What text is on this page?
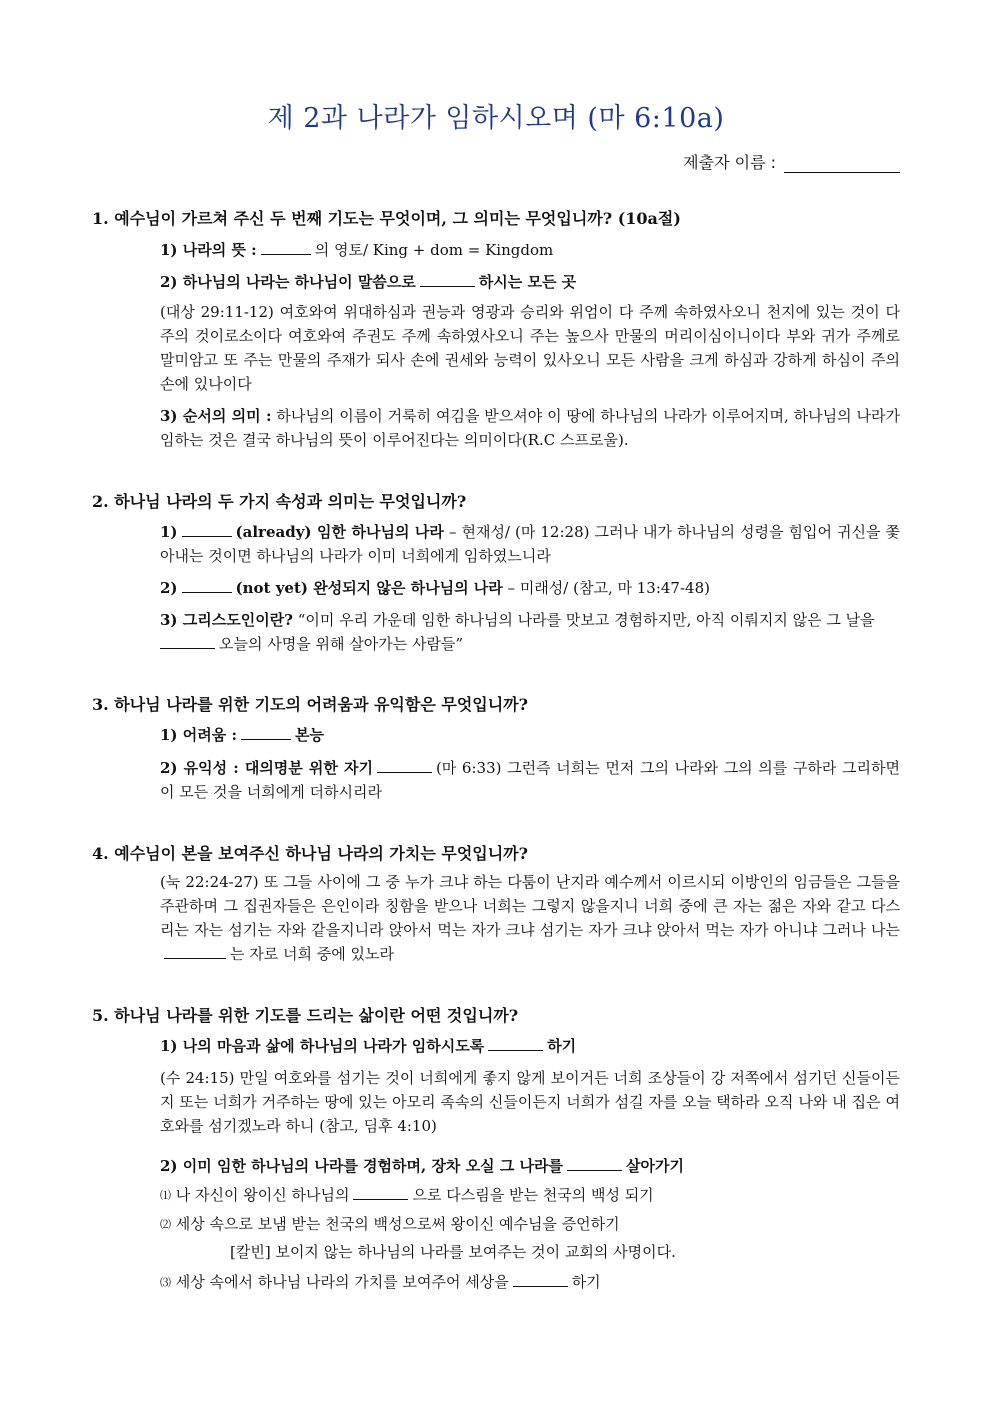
제 2과 나라가 임하시오며 (마 6:10a)
제출자 이름 :
1. 예수님이 가르쳐 주신 두 번째 기도는 무엇이며, 그 의미는 무엇입니까? (10a절)
1) 나라의 뜻 :	의 영토/ King + dom = Kingdom
2) 하나님의 나라는 하나님이 말씀으로	하시는 모든 곳
(대상 29:11-12) 여호와여 위대하심과 권능과 영광과 승리와 위엄이 다 주께 속하였사오니 천지에 있는 것이 다 주의 것이로소이다 여호와여 주권도 주께 속하였사오니 주는 높으사 만물의 머리이심이니이다 부와 귀가 주께로 말미암고 또 주는 만물의 주재가 되사 손에 권세와 능력이 있사오니 모든 사람을 크게 하심과 강하게 하심이 주의 손에 있나이다
3) 순서의 의미 : 하나님의 이름이 거룩히 여김을 받으셔야 이 땅에 하나님의 나라가 이루어지며, 하나님의 나라가 임하는 것은 결국 하나님의 뜻이 이루어진다는 의미이다(R.C 스프로울).
2. 하나님 나라의 두 가지 속성과 의미는 무엇입니까?
1)	(already) 임한 하나님의 나라 – 현재성/ (마 12:28) 그러나 내가 하나님의 성령을 힘입어 귀신을 쫓아내는 것이면 하나님의 나라가 이미 너희에게 임하였느니라
2)	(not yet) 완성되지 않은 하나님의 나라 – 미래성/ (참고, 마 13:47-48)
3) 그리스도인이란? “이미 우리 가운데 임한 하나님의 나라를 맛보고 경험하지만, 아직 이뤄지지 않은 그 날을
오늘의 사명을 위해 살아가는 사람들”
3. 하나님 나라를 위한 기도의 어려움과 유익함은 무엇입니까?
1) 어려움 :	본능
2) 유익성 : 대의명분 위한 자기	(마 6:33) 그런즉 너희는 먼저 그의 나라와 그의 의를 구하라 그리하면 이 모든 것을 너희에게 더하시리라
4. 예수님이 본을 보여주신 하나님 나라의 가치는 무엇입니까?
(눅 22:24-27) 또 그들 사이에 그 중 누가 크냐 하는 다툼이 난지라 예수께서 이르시되 이방인의 임금들은 그들을 주관하며 그 집권자들은 은인이라 칭함을 받으나 너희는 그렇지 않을지니 너희 중에 큰 자는 젊은 자와 같고 다스리는 자는 섬기는 자와 같을지니라 앉아서 먹는 자가 크냐 섬기는 자가 크냐 앉아서 먹는 자가 아니냐 그러나 나는는 자로 너희 중에 있노라
5. 하나님 나라를 위한 기도를 드리는 삶이란 어떤 것입니까?
1) 나의 마음과 삶에 하나님의 나라가 임하시도록	하기
(수 24:15) 만일 여호와를 섬기는 것이 너희에게 좋지 않게 보이거든 너희 조상들이 강 저쪽에서 섬기던 신들이든지 또는 너희가 거주하는 땅에 있는 아모리 족속의 신들이든지 너희가 섬길 자를 오늘 택하라 오직 나와 내 집은 여호와를 섬기겠노라 하니 (참고, 딤후 4:10)
2) 이미 임한 하나님의 나라를 경험하며, 장차 오실 그 나라를	살아가기
⑴ 나 자신이 왕이신 하나님의	으로 다스림을 받는 천국의 백성 되기
⑵ 세상 속으로 보냄 받는 천국의 백성으로써 왕이신 예수님을 증언하기
[칼빈] 보이지 않는 하나님의 나라를 보여주는 것이 교회의 사명이다.
⑶ 세상 속에서 하나님 나라의 가치를 보여주어 세상을	하기
